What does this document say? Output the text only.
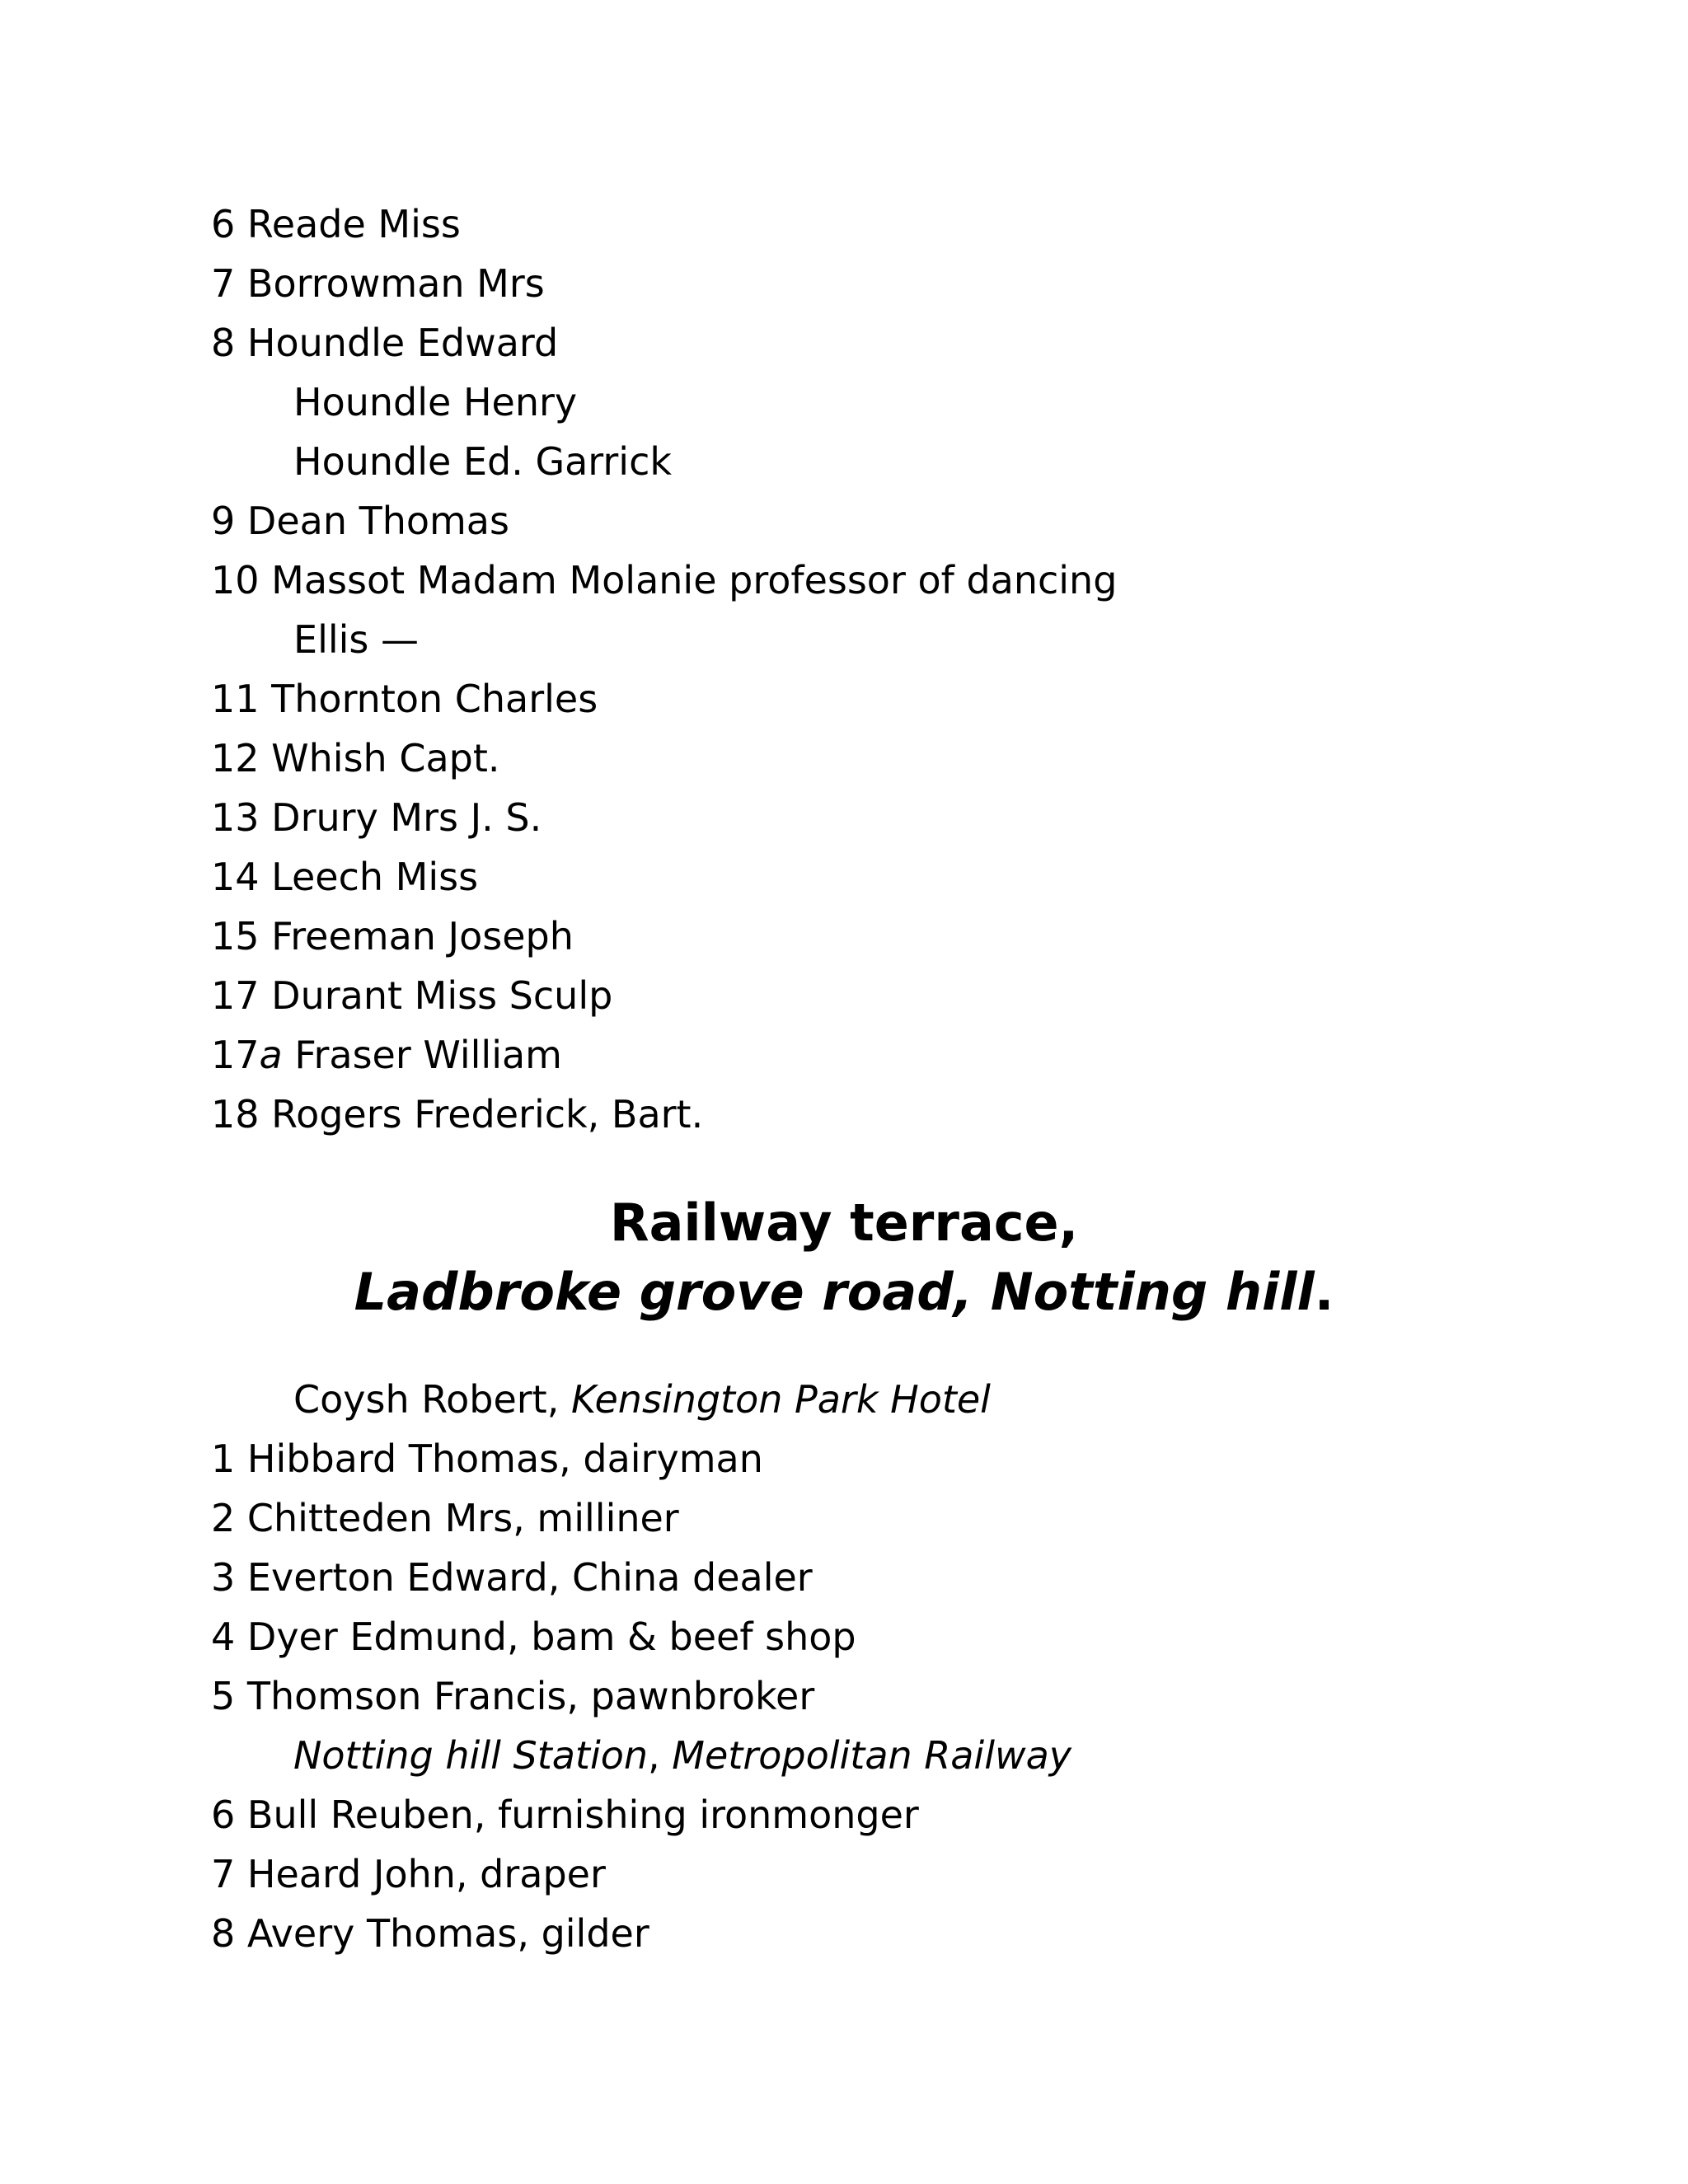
6 Reade Miss
7 Borrowman Mrs
8 Houndle Edward
Houndle Henry
Houndle Ed. Garrick
9 Dean Thomas
10 Massot Madam Molanie professor of dancing
Ellis —
11 Thornton Charles
12 Whish Capt.
13 Drury Mrs J. S.
14 Leech Miss
15 Freeman Joseph
17 Durant Miss Sculp
17a Fraser William
18 Rogers Frederick, Bart.
Railway terrace,
Ladbroke grove road, Notting hill.
Coysh Robert, Kensington Park Hotel
1 Hibbard Thomas, dairyman
2 Chitteden Mrs, milliner
3 Everton Edward, China dealer
4 Dyer Edmund, bam & beef shop
5 Thomson Francis, pawnbroker
Notting hill Station, Metropolitan Railway
6 Bull Reuben, furnishing ironmonger
7 Heard John, draper
8 Avery Thomas, gilder
